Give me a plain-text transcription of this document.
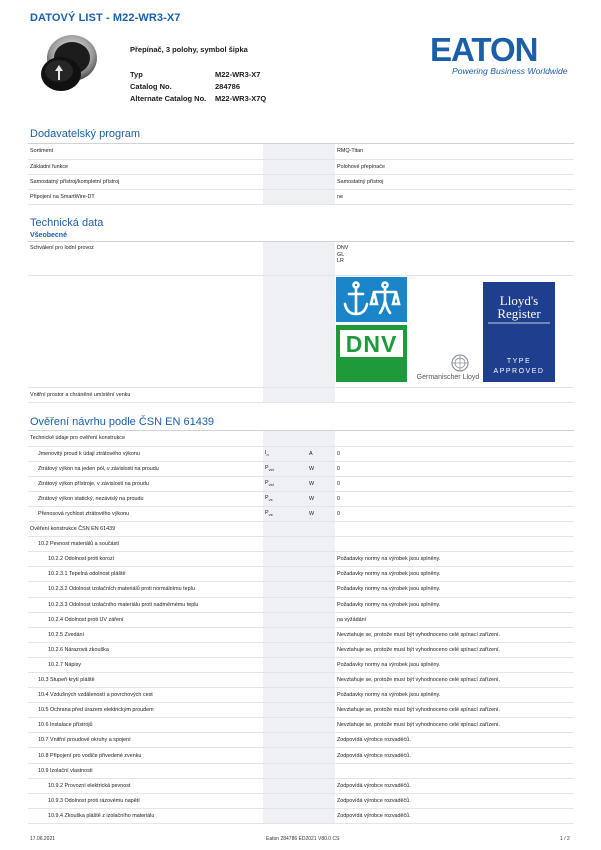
DATOVÝ LIST - M22-WR3-X7
Přepínač, 3 polohy, symbol šipka
Typ	M22-WR3-X7
Catalog No.	284786
Alternate Catalog No.	M22-WR3-X7Q
EATON
Powering Business Worldwide
Dodavatelský program
Sortiment			RMQ-Titan
Základní funkce			Polohové přepínače
Samostatný přístroj/kompletní přístroj			Samostatný přístroj
Připojení na SmartWire-DT			ne
Technická data
Všeobecné
Schválení pro lodní provoz			DNV
GL
LR

Vnitřní prostor a chráněné umístění venku			
DNV
Germanischer Lloyd
Lloyd's
Register
TYPE
APPROVED
Ověření návrhu podle ČSN EN 61439
Technické údaje pro ověření konstrukce			
Jmenovitý proud k údaji ztrátového výkonu	$I_n$	A	0
Ztrátový výkon na jeden pól, v závislosti na proudu	$P_{vid}$	W	0
Ztrátový výkon přístroje, v závislosti na proudu	$P_{vid}$	W	0
Ztrátový výkon statický, nezávislý na proudu	$P_{vs}$	W	0
Přenosová rychlost ztrátového výkonu	$P_{ve}$	W	0
Ověření konstrukce ČSN EN 61439			
10.2 Pevnost materiálů a součástí			
10.2.2 Odolnost proti korozi			Požadavky normy na výrobek jsou splněny.
10.2.3.1 Tepelná odolnost pláště			Požadavky normy na výrobek jsou splněny.
10.2.3.2 Odolnost izolačních materiálů proti normálnímu teplu			Požadavky normy na výrobek jsou splněny.
10.2.3.3 Odolnost izolačního materiálu proti nadměrnému teplu			Požadavky normy na výrobek jsou splněny.
10.2.4 Odolnost proti UV záření			na vyžádání
10.2.5 Zvedání			Nevztahuje se, protože musí být vyhodnoceno celé spínací zařízení.
10.2.6 Nárazová zkouška			Nevztahuje se, protože musí být vyhodnoceno celé spínací zařízení.
10.2.7 Nápisy			Požadavky normy na výrobek jsou splněny.
10.3 Stupeň krytí pláště			Nevztahuje se, protože musí být vyhodnoceno celé spínací zařízení.
10.4 Vzdušných vzdáleností a povrchových cest			Požadavky normy na výrobek jsou splněny.
10.5 Ochrana před úrazem elektrickým proudem			Nevztahuje se, protože musí být vyhodnoceno celé spínací zařízení.
10.6 Instalace přístrojů			Nevztahuje se, protože musí být vyhodnoceno celé spínací zařízení.
10.7 Vnitřní proudové okruhy a spojení			Zodpovídá výrobce rozvaděčů.
10.8 Připojení pro vodiče přivedené zvenku			Zodpovídá výrobce rozvaděčů.
10.9 Izolační vlastnosti			
10.9.2 Provozní elektrická pevnost			Zodpovídá výrobce rozvaděčů.
10.9.3 Odolnost proti rázovému napětí			Zodpovídá výrobce rozvaděčů.
10.9.4 Zkouška pláště z izolačního materiálu			Zodpovídá výrobce rozvaděčů.
17.06.2021	Eaton 284786 ED2021 V80.0 CS	1 / 2
